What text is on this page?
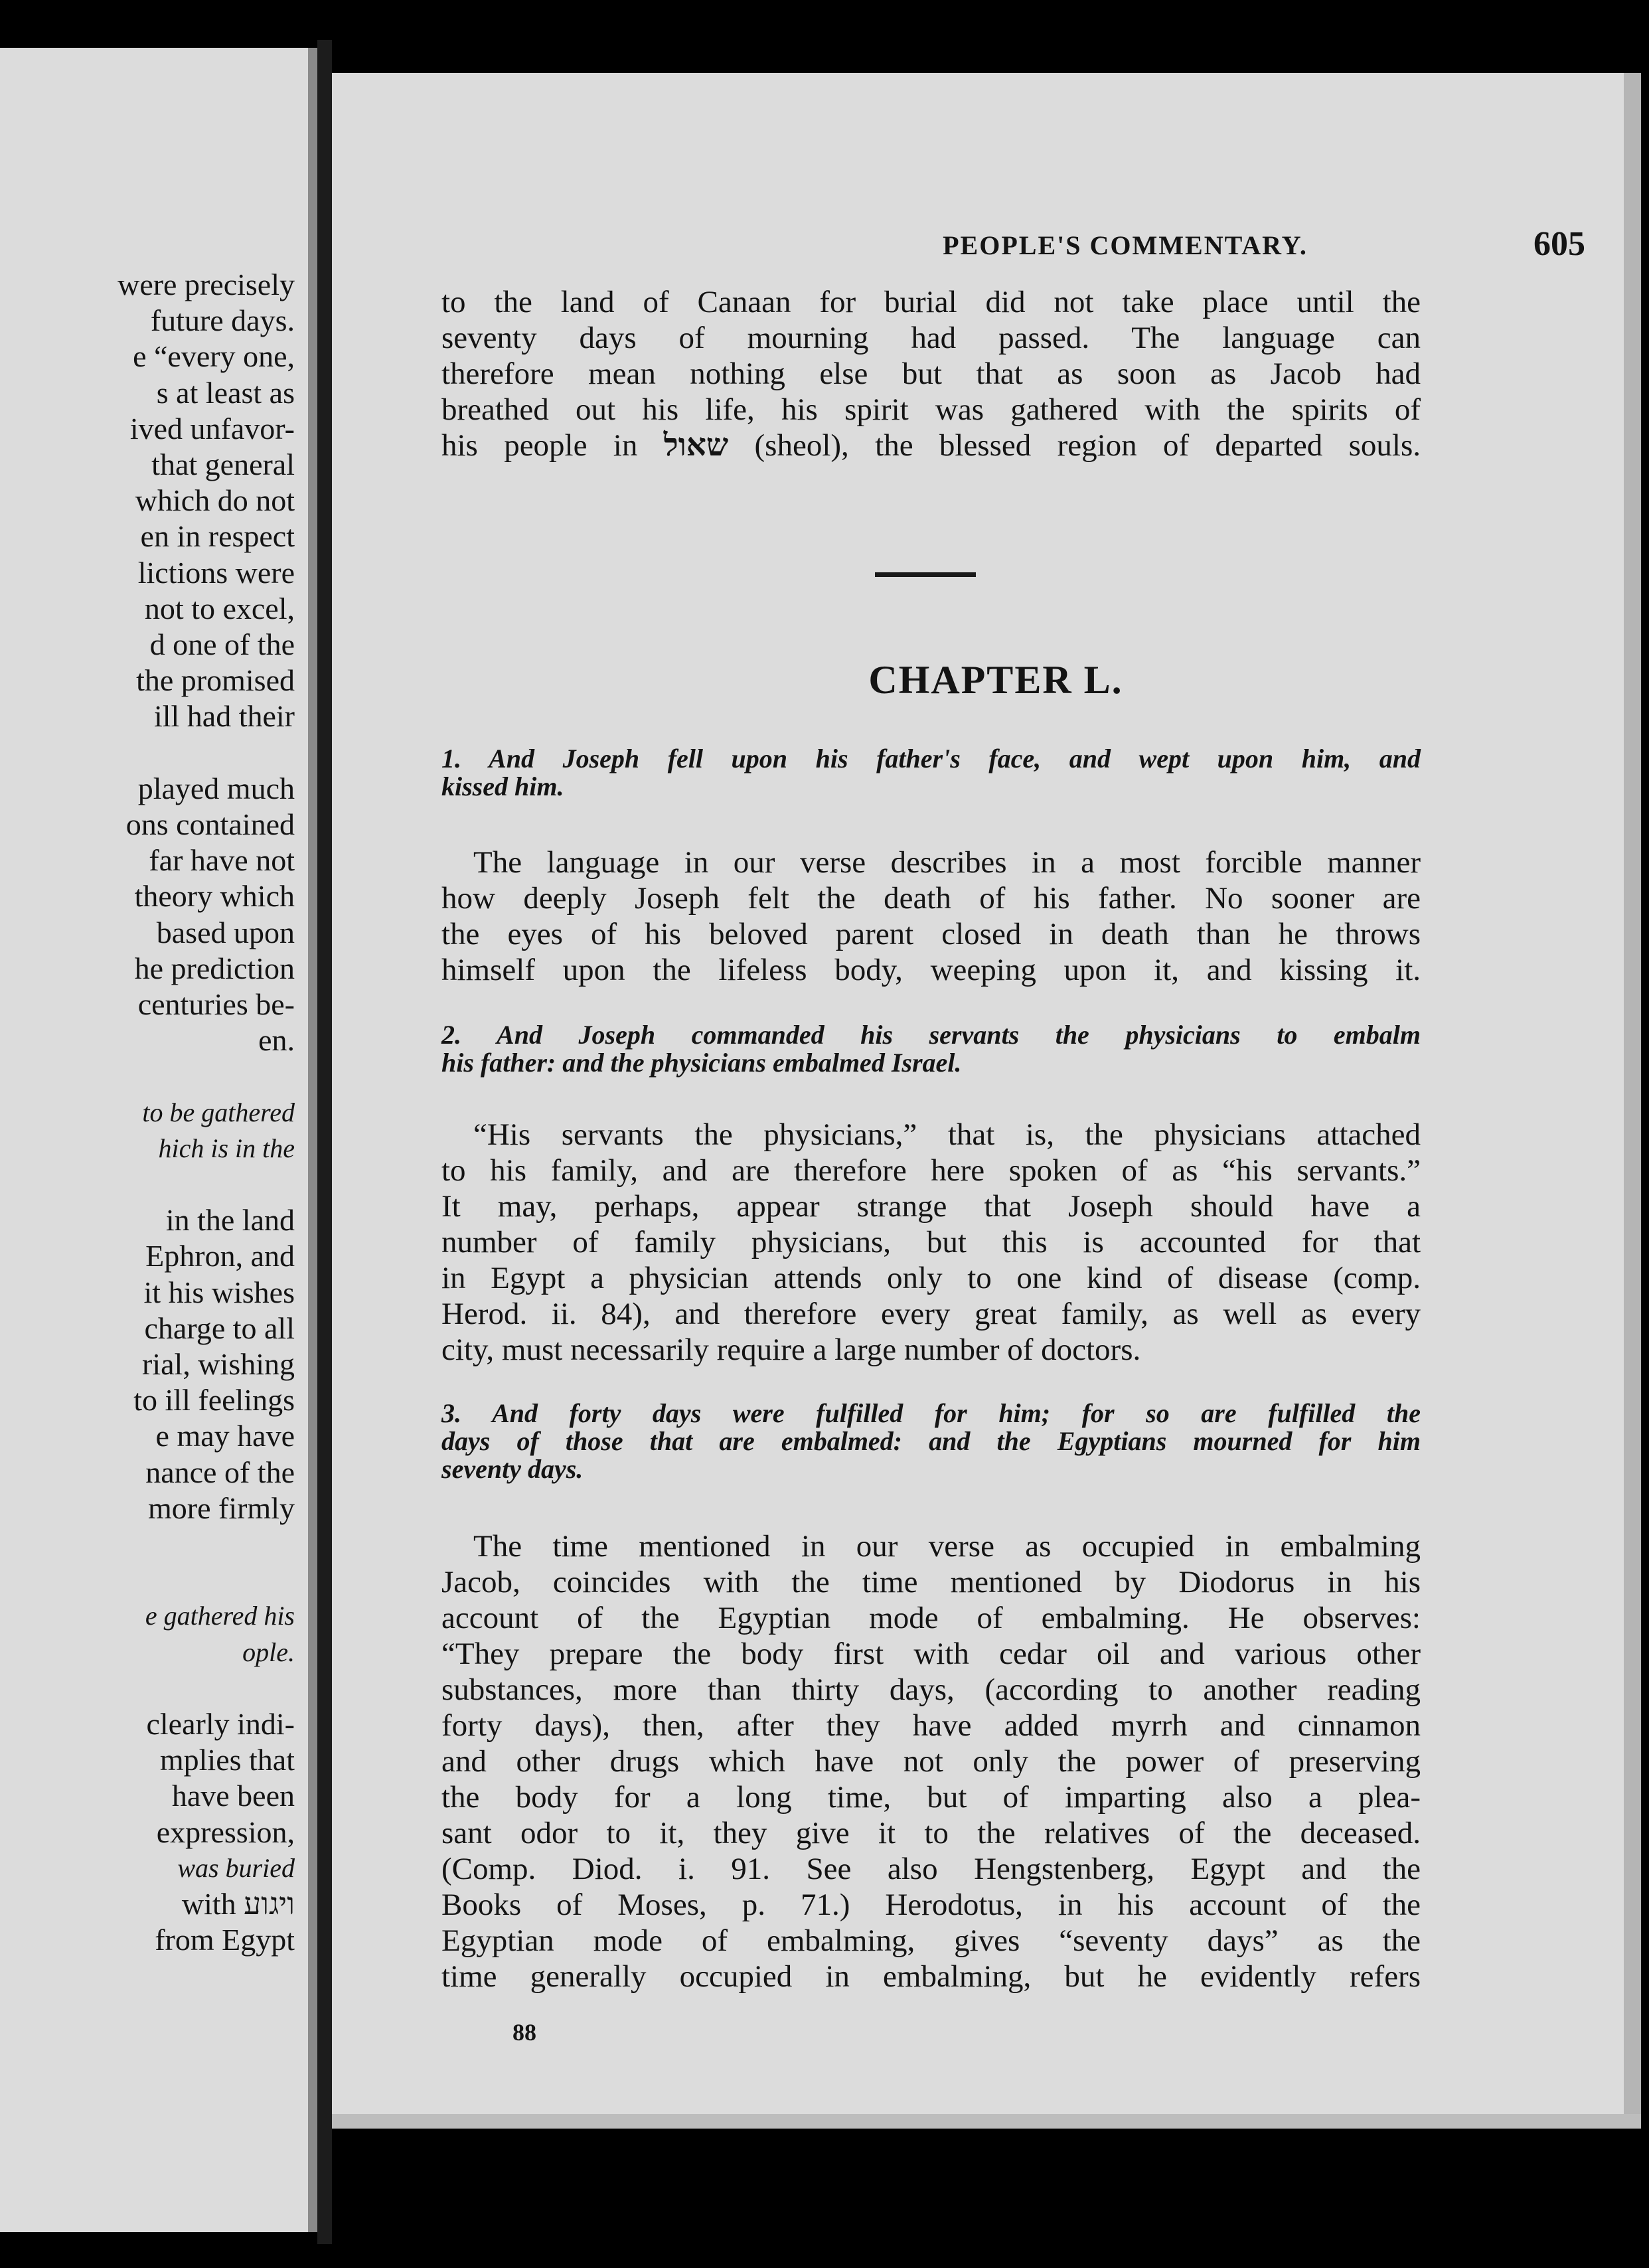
were precisely
future days.
e “every one,
s at least as
ived unfavor-
that general
which do not
en in respect
lictions were
not to excel,
d one of the
the promised
ill had their
played much
ons contained
far have not
theory which
based upon
he prediction
centuries be-
en.
to be gathered
hich is in the
in the land
Ephron, and
it his wishes
charge to all
rial, wishing
to ill feelings
e may have
nance of the
more firmly
e gathered his
ople.
clearly indi-
mplies that
have been
expression,
was buried
with ויגוע
from Egypt
PEOPLE'S COMMENTARY.	605
to the land of Canaan for burial did not take place until the
seventy days of mourning had passed. The language can
therefore mean nothing else but that as soon as Jacob had
breathed out his life, his spirit was gathered with the spirits of
his people in שאול (sheol), the blessed region of departed souls.
CHAPTER L.
1. And Joseph fell upon his father's face, and wept upon him, and
kissed him.
The language in our verse describes in a most forcible manner
how deeply Joseph felt the death of his father. No sooner are
the eyes of his beloved parent closed in death than he throws
himself upon the lifeless body, weeping upon it, and kissing it.
2. And Joseph commanded his servants the physicians to embalm
his father: and the physicians embalmed Israel.
“His servants the physicians,” that is, the physicians attached
to his family, and are therefore here spoken of as “his servants.”
It may, perhaps, appear strange that Joseph should have a
number of family physicians, but this is accounted for that
in Egypt a physician attends only to one kind of disease (comp.
Herod. ii. 84), and therefore every great family, as well as every
city, must necessarily require a large number of doctors.
3. And forty days were fulfilled for him; for so are fulfilled the
days of those that are embalmed: and the Egyptians mourned for him
seventy days.
The time mentioned in our verse as occupied in embalming
Jacob, coincides with the time mentioned by Diodorus in his
account of the Egyptian mode of embalming. He observes:
“They prepare the body first with cedar oil and various other
substances, more than thirty days, (according to another reading
forty days), then, after they have added myrrh and cinnamon
and other drugs which have not only the power of preserving
the body for a long time, but of imparting also a plea-
sant odor to it, they give it to the relatives of the deceased.
(Comp. Diod. i. 91. See also Hengstenberg, Egypt and the
Books of Moses, p. 71.) Herodotus, in his account of the
Egyptian mode of embalming, gives “seventy days” as the
time generally occupied in embalming, but he evidently refers
88
